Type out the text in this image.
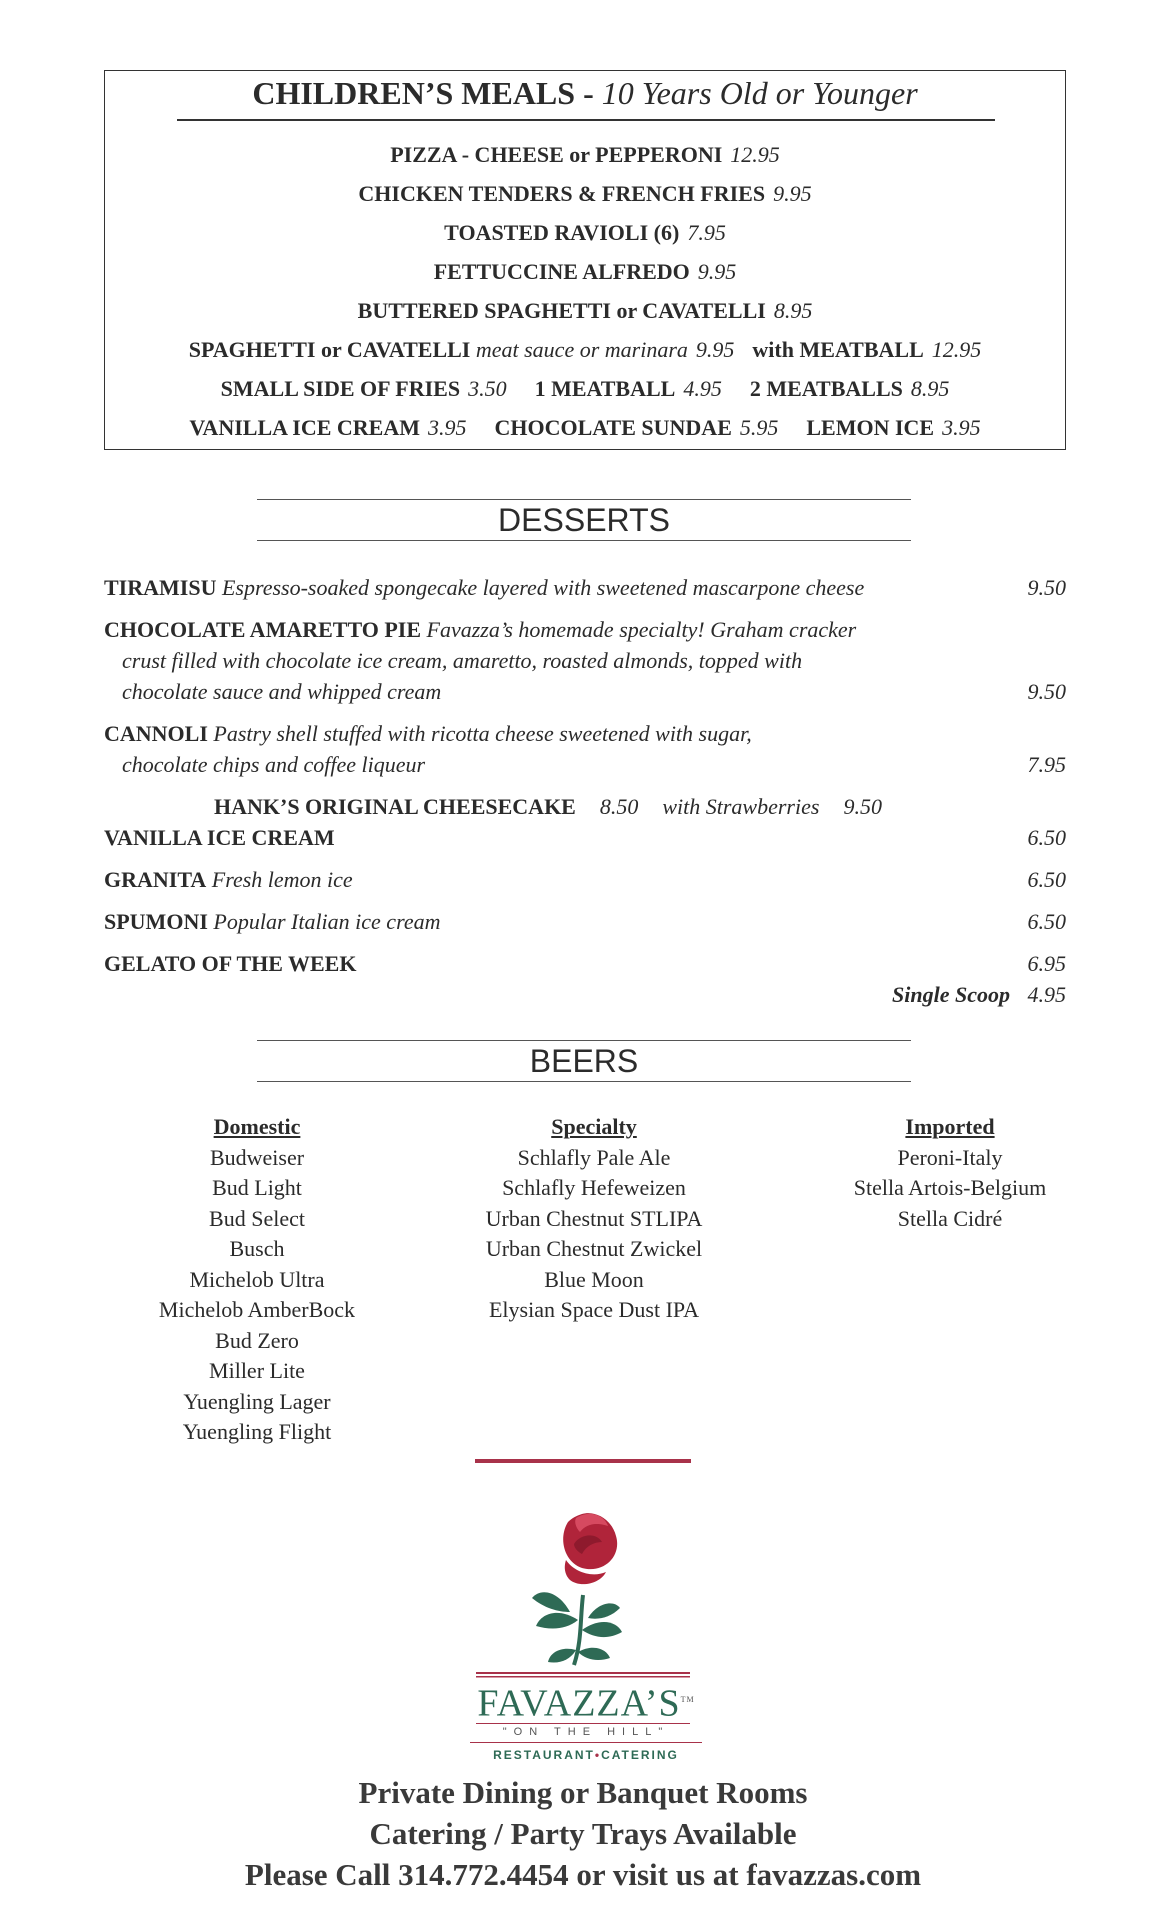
CHILDREN’S MEALS - 10 Years Old or Younger
PIZZA - CHEESE or PEPPERONI 12.95
CHICKEN TENDERS & FRENCH FRIES 9.95
TOASTED RAVIOLI (6) 7.95
FETTUCCINE ALFREDO 9.95
BUTTERED SPAGHETTI or CAVATELLI 8.95
SPAGHETTI or CAVATELLI meat sauce or marinara 9.95 with MEATBALL 12.95
SMALL SIDE OF FRIES 3.50 1 MEATBALL 4.95 2 MEATBALLS 8.95
VANILLA ICE CREAM 3.95 CHOCOLATE SUNDAE 5.95 LEMON ICE 3.95
DESSERTS
TIRAMISU Espresso-soaked spongecake layered with sweetened mascarpone cheese	9.50
CHOCOLATE AMARETTO PIE Favazza’s homemade specialty! Graham cracker
crust filled with chocolate ice cream, amaretto, roasted almonds, topped with
chocolate sauce and whipped cream	9.50
CANNOLI Pastry shell stuffed with ricotta cheese sweetened with sugar,
chocolate chips and coffee liqueur	7.95
HANK’S ORIGINAL CHEESECAKE 8.50 with Strawberries 9.50
VANILLA ICE CREAM	6.50
GRANITA Fresh lemon ice	6.50
SPUMONI Popular Italian ice cream	6.50
GELATO OF THE WEEK	6.95
Single Scoop 4.95
BEERS
Domestic
Budweiser
Bud Light
Bud Select
Busch
Michelob Ultra
Michelob AmberBock
Bud Zero
Miller Lite
Yuengling Lager
Yuengling Flight
Specialty
Schlafly Pale Ale
Schlafly Hefeweizen
Urban Chestnut STLIPA
Urban Chestnut Zwickel
Blue Moon
Elysian Space Dust IPA
Imported
Peroni-Italy
Stella Artois-Belgium
Stella Cidré
FAVAZZA’S™
"ON THE HILL"
RESTAURANT•CATERING
Private Dining or Banquet Rooms
Catering / Party Trays Available
Please Call 314.772.4454 or visit us at favazzas.com
